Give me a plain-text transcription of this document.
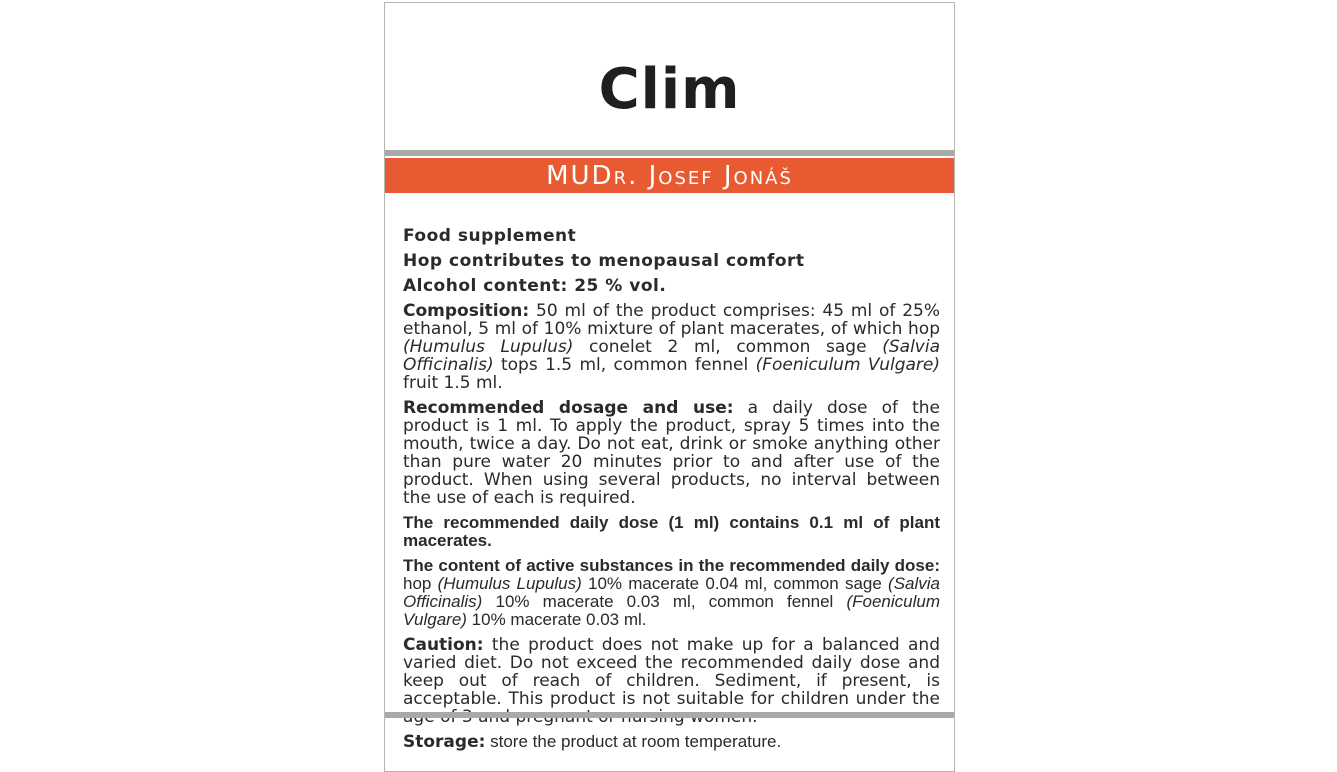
Clim
MUDr. Josef Jonáš

Food supplement

Hop contributes to menopausal comfort

Alcohol content: 25 % vol.

Composition: 50 ml of the product comprises: 45 ml of 25% ethanol, 5 ml of 10% mixture of plant macerates, of which hop (Humulus Lupulus) conelet 2 ml, common sage (Salvia Officinalis) tops 1.5 ml, common fennel (Foeniculum Vulgare) fruit 1.5 ml.

Recommended dosage and use: a daily dose of the product is 1 ml. To apply the product, spray 5 times into the mouth, twice a day. Do not eat, drink or smoke anything other than pure water 20 minutes prior to and after use of the product. When using several products, no interval between the use of each is required.

The recommended daily dose (1 ml) contains 0.1 ml of plant macerates.

The content of active substances in the recommended daily dose: hop (Humulus Lupulus) 10% macerate 0.04 ml, common sage (Salvia Officinalis) 10% macerate 0.03 ml, common fennel (Foeniculum Vulgare) 10% macerate 0.03 ml.

Caution: the product does not make up for a balanced and varied diet. Do not exceed the recommended daily dose and keep out of reach of children. Sediment, if present, is acceptable. This product is not suitable for children under the

Storage: store the product at room temperature.
